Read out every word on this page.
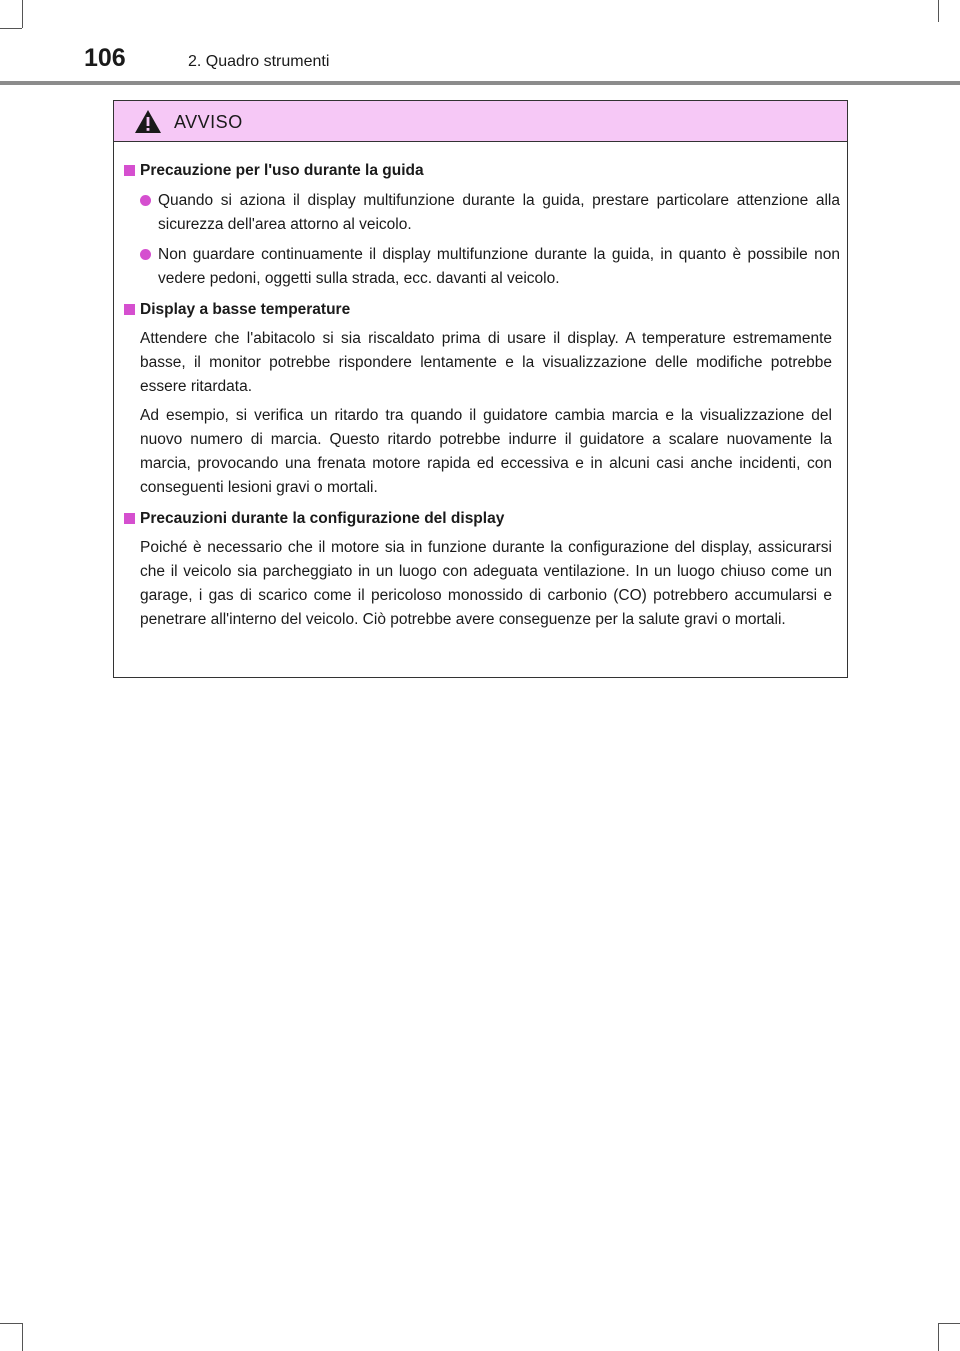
106	2. Quadro strumenti
AVVISO
Precauzione per l'uso durante la guida
Quando si aziona il display multifunzione durante la guida, prestare particolare attenzione alla sicurezza dell'area attorno al veicolo.
Non guardare continuamente il display multifunzione durante la guida, in quanto è possibile non vedere pedoni, oggetti sulla strada, ecc. davanti al veicolo.
Display a basse temperature
Attendere che l'abitacolo si sia riscaldato prima di usare il display. A temperature estremamente basse, il monitor potrebbe rispondere lentamente e la visualizzazione delle modifiche potrebbe essere ritardata.
Ad esempio, si verifica un ritardo tra quando il guidatore cambia marcia e la visualizzazione del nuovo numero di marcia. Questo ritardo potrebbe indurre il guidatore a scalare nuovamente la marcia, provocando una frenata motore rapida ed eccessiva e in alcuni casi anche incidenti, con conseguenti lesioni gravi o mortali.
Precauzioni durante la configurazione del display
Poiché è necessario che il motore sia in funzione durante la configurazione del display, assicurarsi che il veicolo sia parcheggiato in un luogo con adeguata ventilazione. In un luogo chiuso come un garage, i gas di scarico come il pericoloso monossido di carbonio (CO) potrebbero accumularsi e penetrare all'interno del veicolo. Ciò potrebbe avere conseguenze per la salute gravi o mortali.
